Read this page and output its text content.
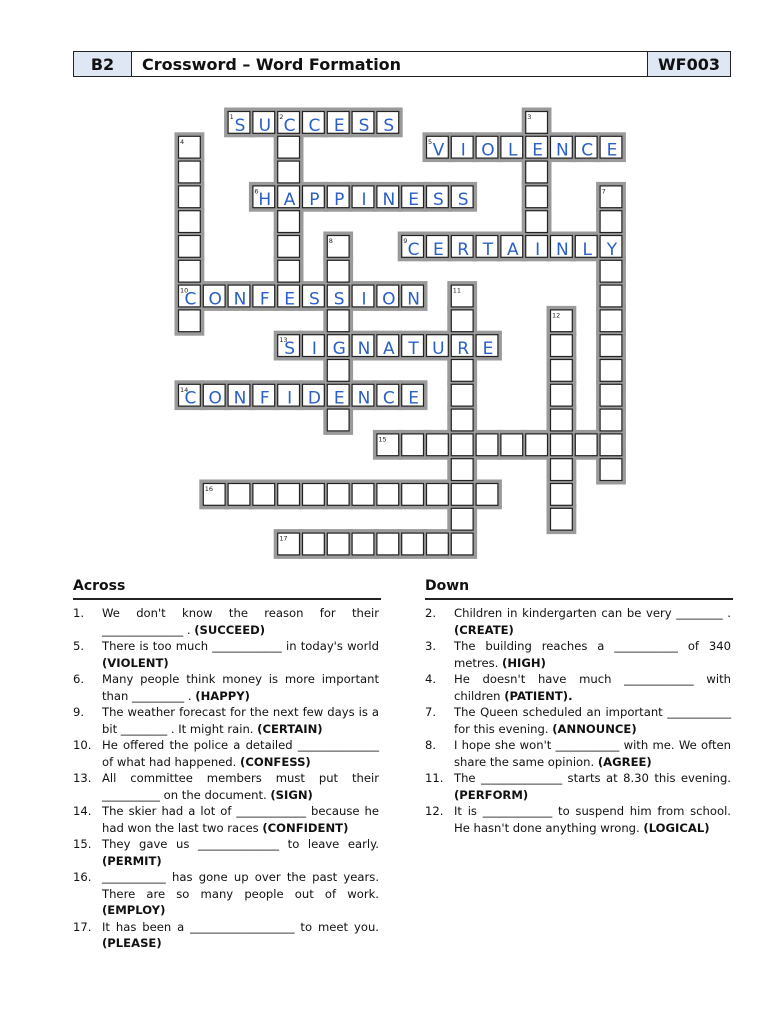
B2	Crossword – Word Formation	WF003
1	2	3
4	5
6	7
8	9
10	11
12
13
14
15
16
17
S U C C E S S
V I O L E N C E
H A P P I N E S S
C E R T A I N L Y
C O N F E S S I O N
S I G N A T U R E
C O N F I D E N C E
Across
1. We don't know the reason for their ______________ . (SUCCEED)
5. There is too much ____________ in today's world (VIOLENT)
6. Many people think money is more important than _________ . (HAPPY)
9. The weather forecast for the next few days is a bit ________ . It might rain. (CERTAIN)
10. He offered the police a detailed ______________ of what had happened. (CONFESS)
13. All committee members must put their __________ on the document. (SIGN)
14. The skier had a lot of ____________ because he had won the last two races (CONFIDENT)
15. They gave us ______________ to leave early. (PERMIT)
16. ___________ has gone up over the past years. There are so many people out of work. (EMPLOY)
17. It has been a __________________ to meet you. (PLEASE)
Down
2. Children in kindergarten can be very ________ . (CREATE)
3. The building reaches a ___________ of 340 metres. (HIGH)
4. He doesn't have much ____________ with children (PATIENT).
7. The Queen scheduled an important ___________ for this evening. (ANNOUNCE)
8. I hope she won't ___________ with me. We often share the same opinion. (AGREE)
11. The ______________ starts at 8.30 this evening. (PERFORM)
12. It is ____________ to suspend him from school. He hasn't done anything wrong. (LOGICAL)
